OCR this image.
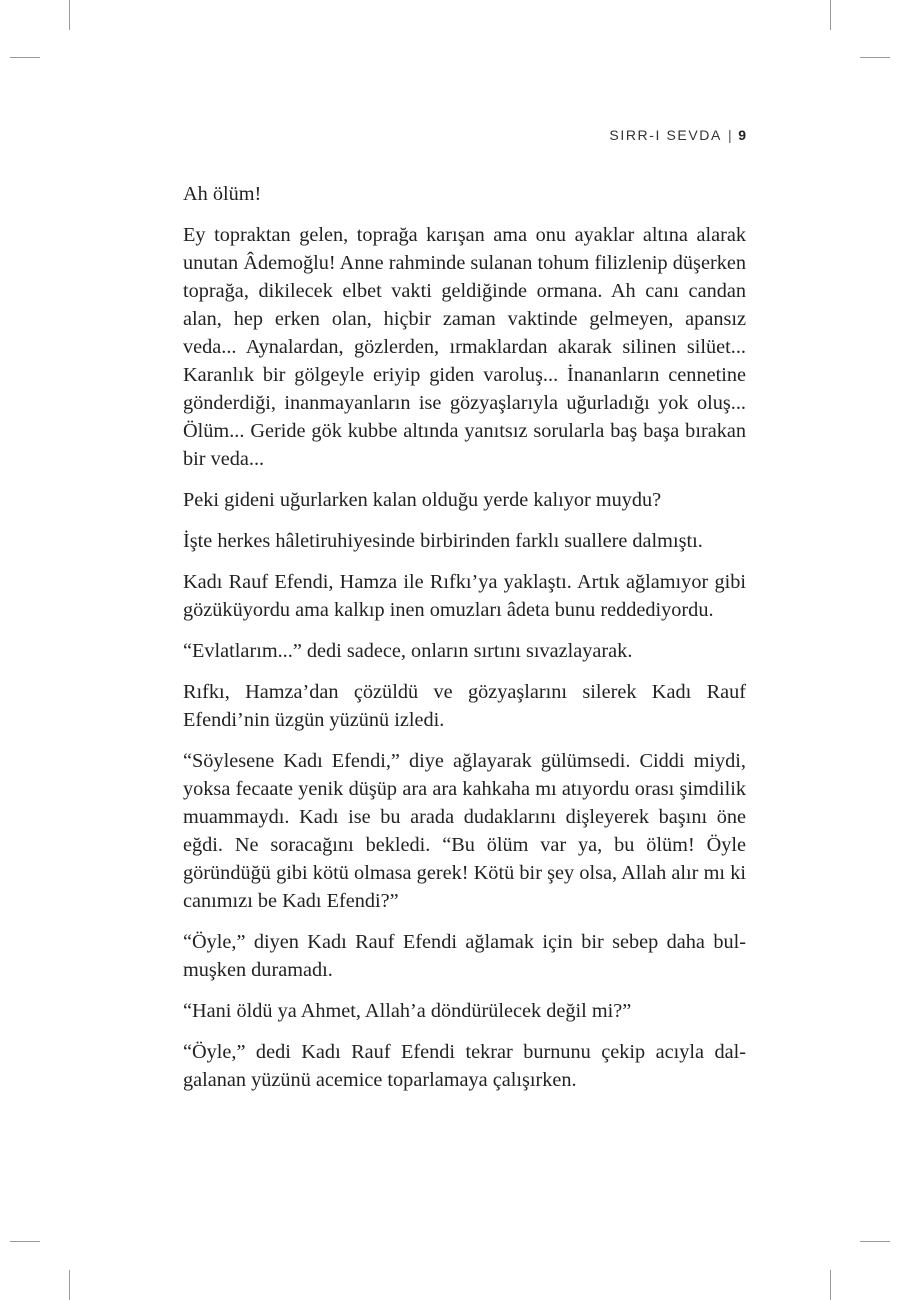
SIRR-I SEVDA | 9

Ah ölüm!

Ey topraktan gelen, toprağa karışan ama onu ayaklar altına alarak unutan Âdemoğlu! Anne rahminde sulanan tohum filizlenip düşerken toprağa, dikilecek elbet vakti geldiğinde ormana. Ah canı candan alan, hep erken olan, hiçbir zaman vaktinde gelmeyen, apansız veda... Aynalardan, gözlerden, ırmaklardan akarak silinen silüet... Karanlık bir gölgeyle eriyip giden varoluş... İnananların cennetine gönderdiği, inanmayanların ise gözyaşlarıyla uğurladığı yok oluş... Ölüm... Geride gök kubbe altında yanıtsız sorularla baş başa bırakan bir veda...

Peki gideni uğurlarken kalan olduğu yerde kalıyor muydu?

İşte herkes hâletiruhiyesinde birbirinden farklı suallere dalmıştı.

Kadı Rauf Efendi, Hamza ile Rıfkı’ya yaklaştı. Artık ağlamıyor gibi gözüküyordu ama kalkıp inen omuzları âdeta bunu reddediyordu.

“Evlatlarım...” dedi sadece, onların sırtını sıvazlayarak.

Rıfkı, Hamza’dan çözüldü ve gözyaşlarını silerek Kadı Rauf Efendi’nin üzgün yüzünü izledi.

“Söylesene Kadı Efendi,” diye ağlayarak gülümsedi. Ciddi miydi, yoksa fecaate yenik düşüp ara ara kahkaha mı atıyordu orası şimdilik muammaydı. Kadı ise bu arada dudaklarını dişleyerek başını öne eğdi. Ne soracağını bekledi. “Bu ölüm var ya, bu ölüm! Öyle göründüğü gibi kötü olmasa gerek! Kötü bir şey olsa, Allah alır mı ki canımızı be Kadı Efendi?”

“Öyle,” diyen Kadı Rauf Efendi ağlamak için bir sebep daha bulmuşken duramadı.

“Hani öldü ya Ahmet, Allah’a döndürülecek değil mi?”

“Öyle,” dedi Kadı Rauf Efendi tekrar burnunu çekip acıyla dalgalanan yüzünü acemice toparlamaya çalışırken.
